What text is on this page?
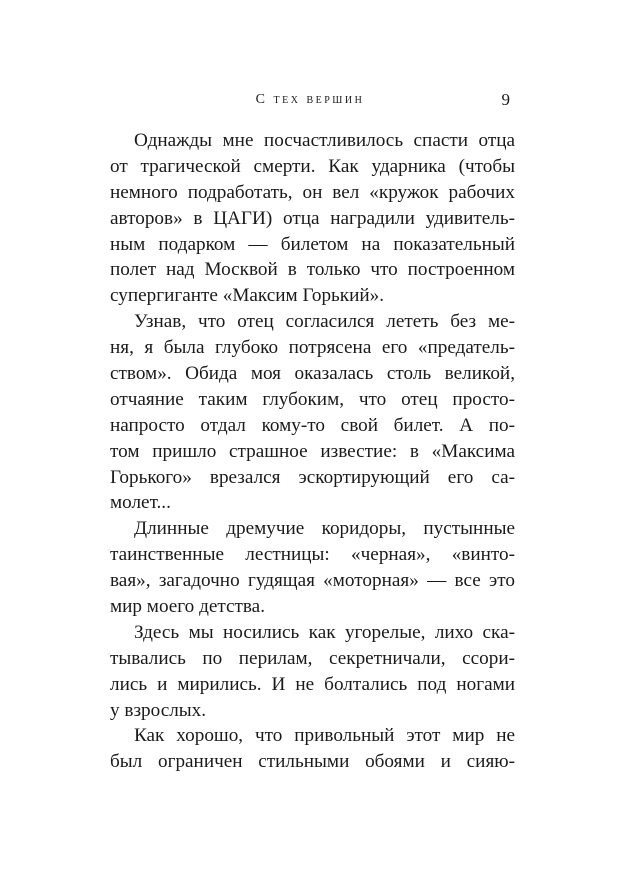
С тех вершин	9
Однажды мне посчастливилось спасти отца
от трагической смерти. Как ударника (чтобы
немного подработать, он вел «кружок рабочих
авторов» в ЦАГИ) отца наградили удивитель-
ным подарком — билетом на показательный
полет над Москвой в только что построенном
супергиганте «Максим Горький».
Узнав, что отец согласился лететь без ме-
ня, я была глубоко потрясена его «предатель-
ством». Обида моя оказалась столь великой,
отчаяние таким глубоким, что отец просто-
напросто отдал кому-то свой билет. А по-
том пришло страшное известие: в «Максима
Горького» врезался эскортирующий его са-
молет...
Длинные дремучие коридоры, пустынные
таинственные лестницы: «черная», «винто-
вая», загадочно гудящая «моторная» — все это
мир моего детства.
Здесь мы носились как угорелые, лихо ска-
тывались по перилам, секретничали, ссори-
лись и мирились. И не болтались под ногами
у взрослых.
Как хорошо, что привольный этот мир не
был ограничен стильными обоями и сияю-
